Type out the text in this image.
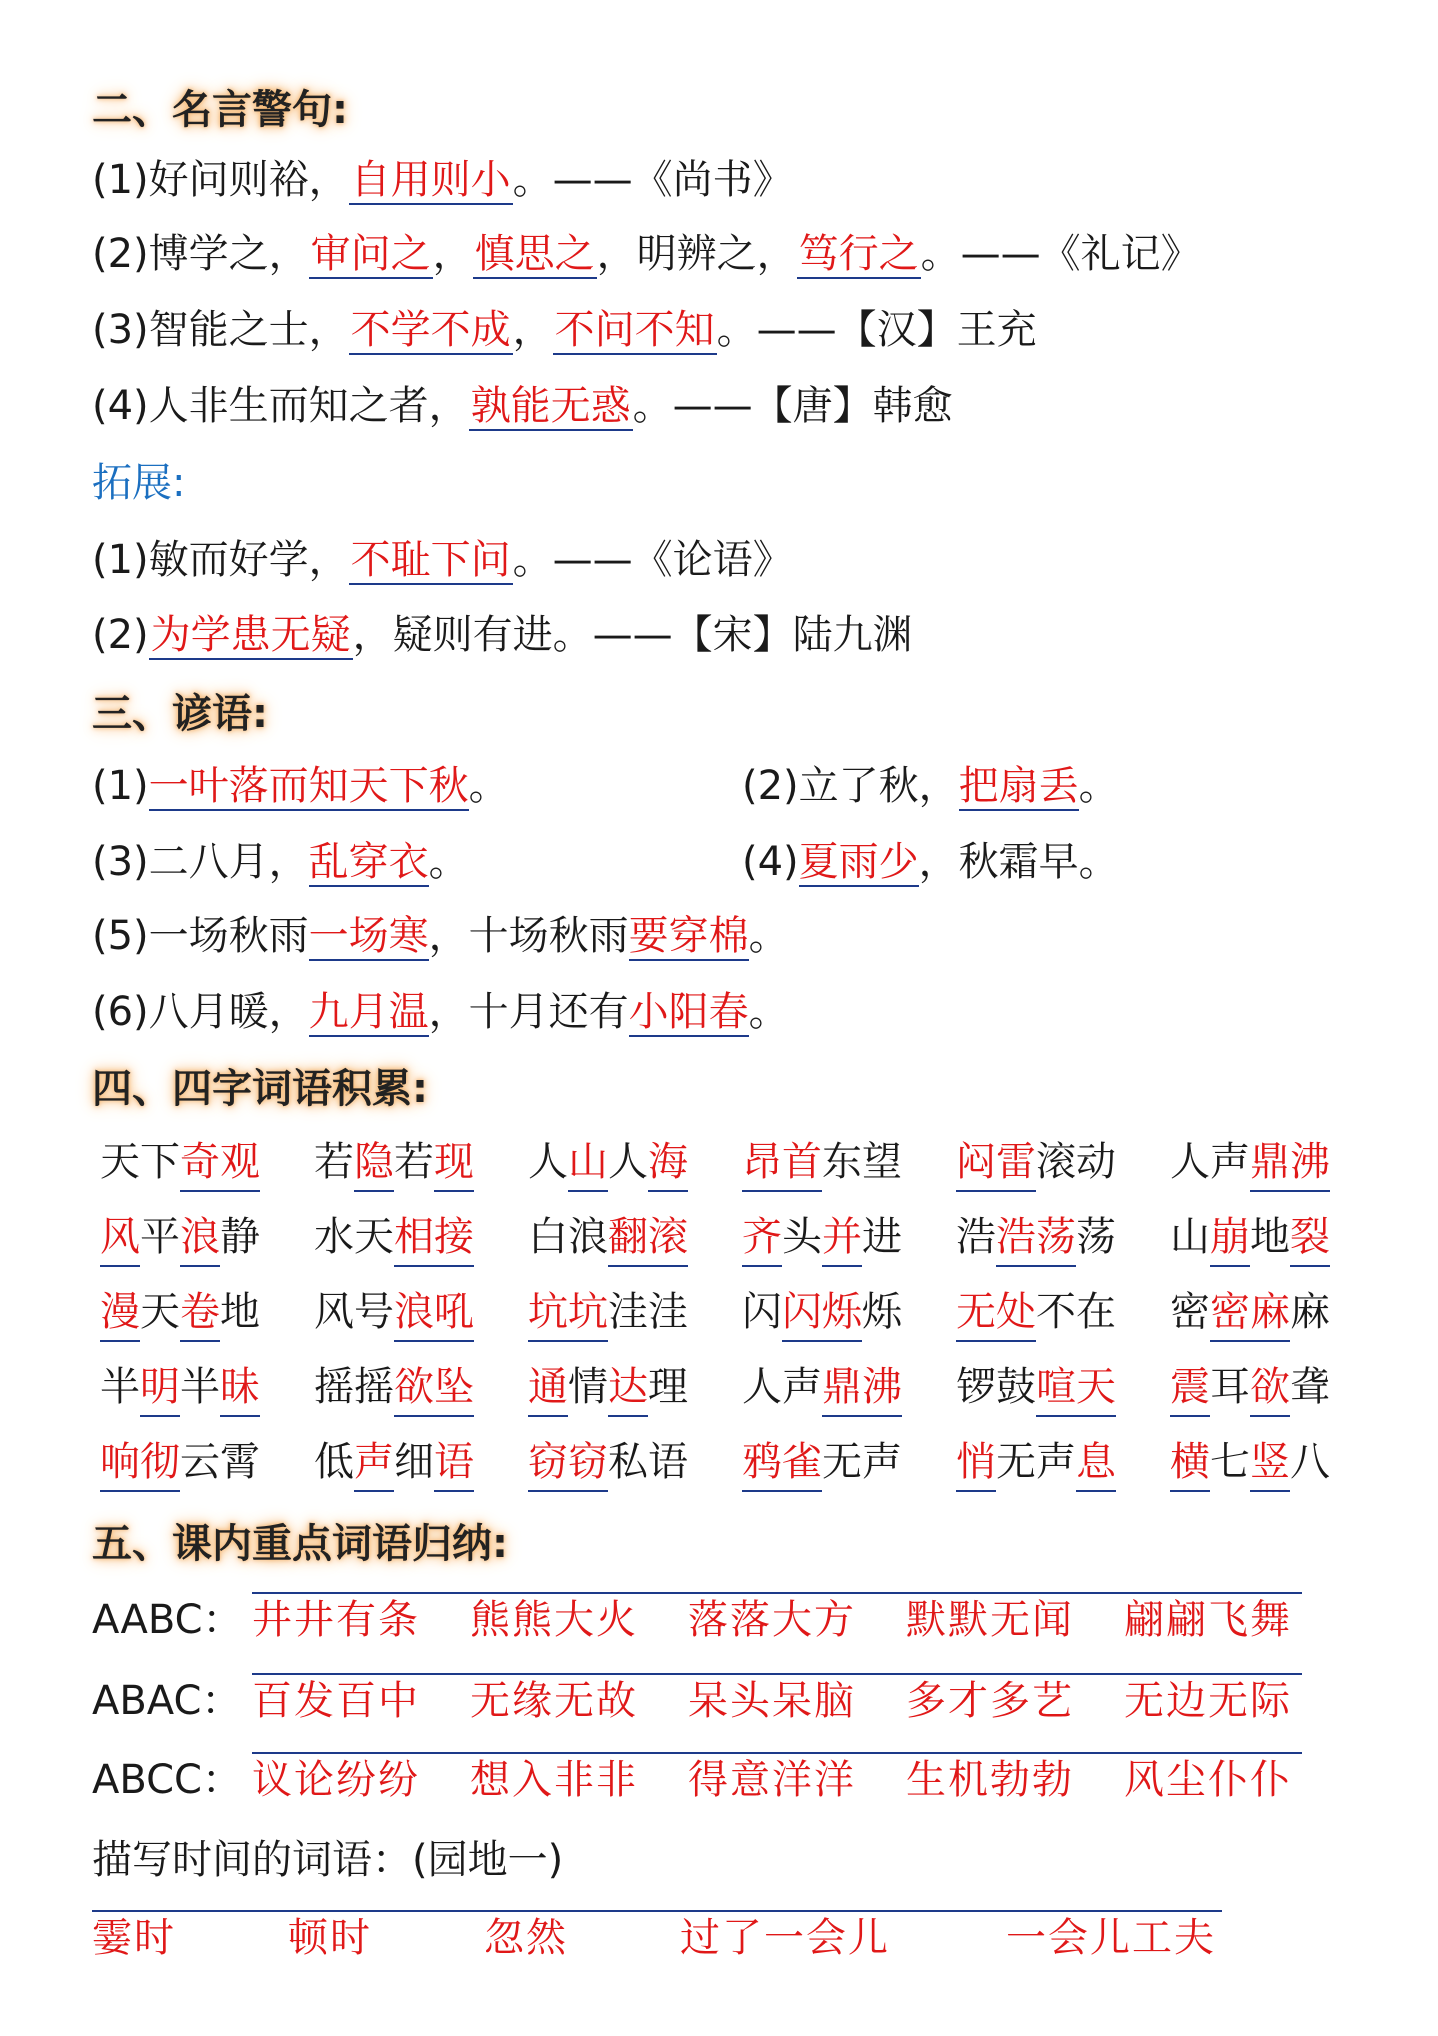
二、名言警句:
(1)好问则裕，自用则小。——《尚书》
(2)博学之，审问之，慎思之，明辨之，笃行之。——《礼记》
(3)智能之士，不学不成，不问不知。——【汉】王充
(4)人非生而知之者，孰能无惑。——【唐】韩愈
拓展:
(1)敏而好学，不耻下问。——《论语》
(2)为学患无疑，疑则有进。——【宋】陆九渊
三、谚语:
(1)一叶落而知天下秋。	(2)立了秋，把扇丢。
(3)二八月，乱穿衣。	(4)夏雨少，秋霜早。
(5)一场秋雨一场寒，十场秋雨要穿棉。
(6)八月暖，九月温，十月还有小阳春。
四、四字词语积累:
天下奇观	若隐若现	人山人海	昂首东望	闷雷滚动	人声鼎沸
风平浪静	水天相接	白浪翻滚	齐头并进	浩浩荡荡	山崩地裂
漫天卷地	风号浪吼	坑坑洼洼	闪闪烁烁	无处不在	密密麻麻
半明半昧	摇摇欲坠	通情达理	人声鼎沸	锣鼓喧天	震耳欲聋
响彻云霄	低声细语	窃窃私语	鸦雀无声	悄无声息	横七竖八
五、课内重点词语归纳:
AABC： 井井有条 熊熊大火 落落大方 默默无闻 翩翩飞舞
ABAC： 百发百中 无缘无故 呆头呆脑 多才多艺 无边无际
ABCC： 议论纷纷 想入非非 得意洋洋 生机勃勃 风尘仆仆
描写时间的词语：(园地一)
霎时	顿时	忽然	过了一会儿	一会儿工夫
